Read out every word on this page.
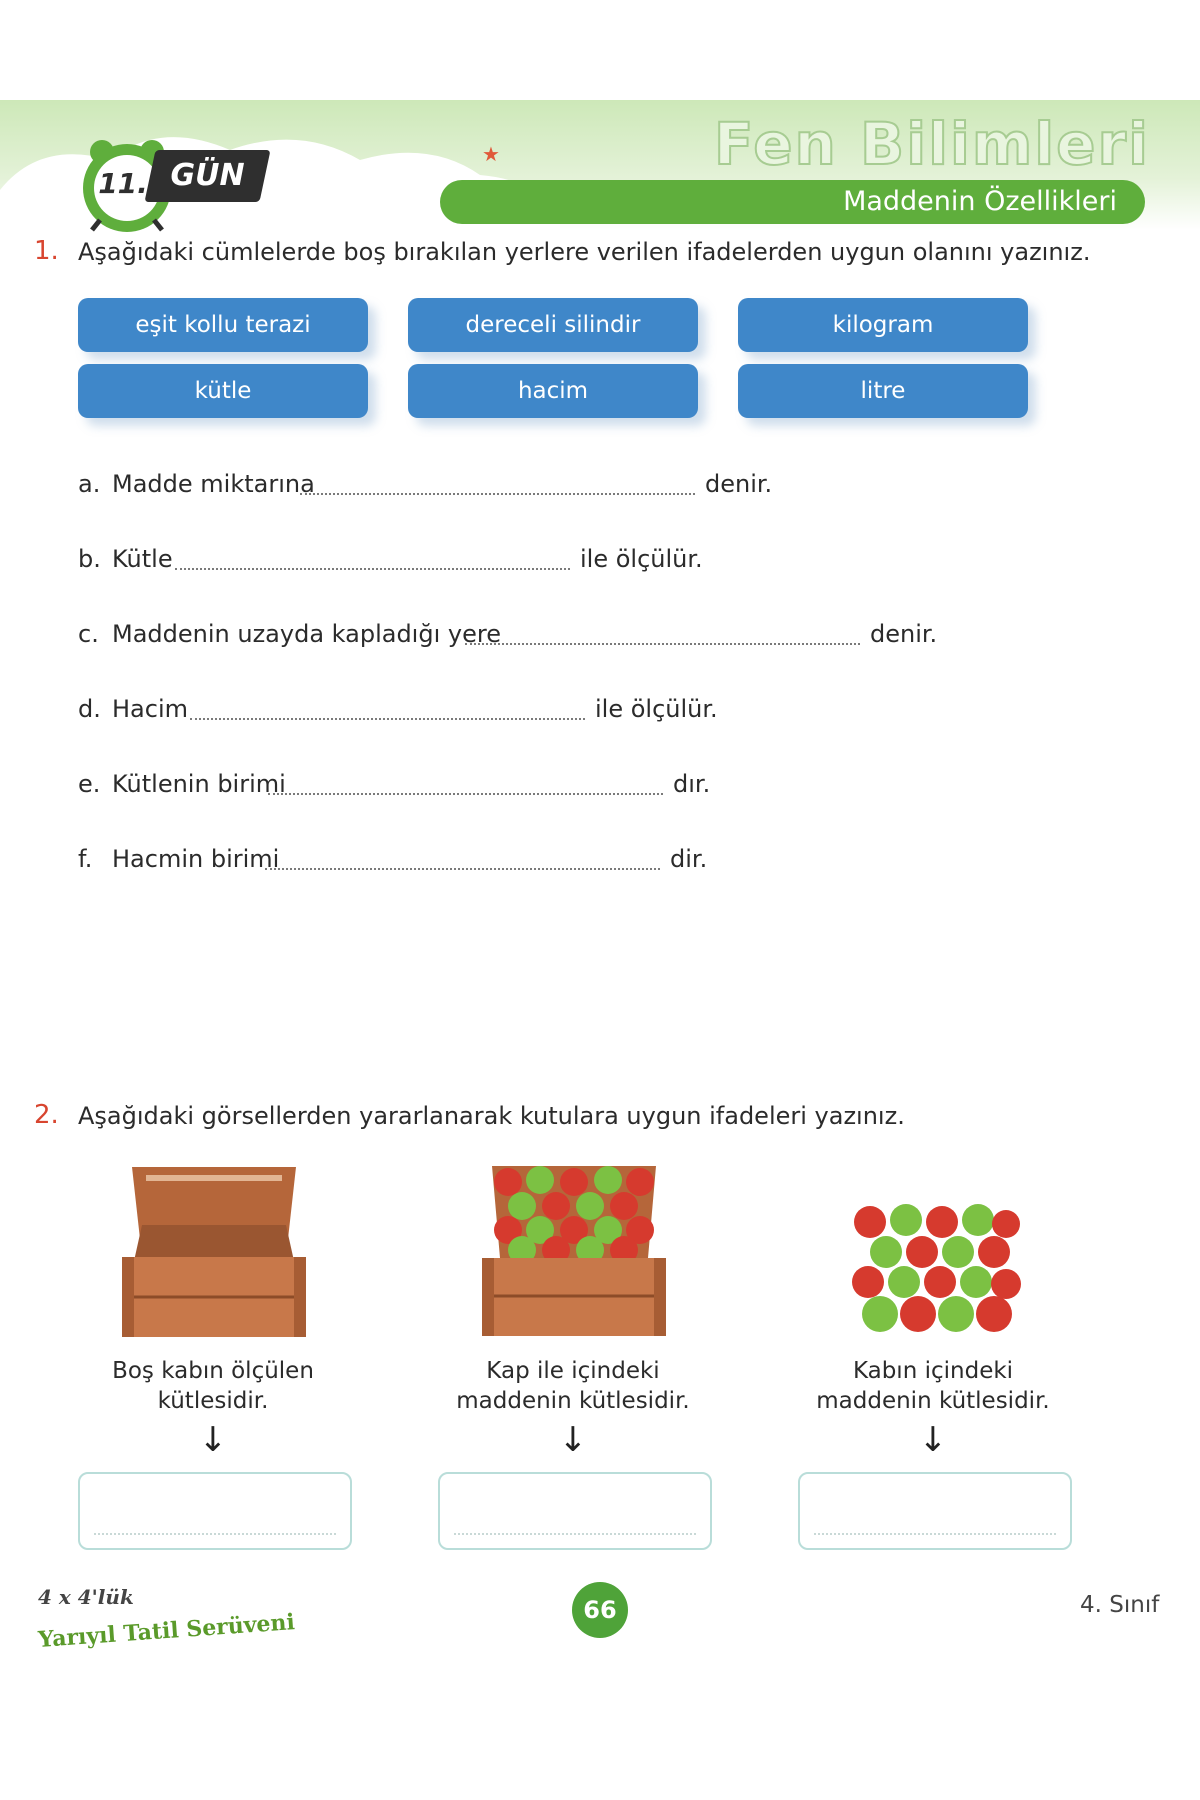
Fen Bilimleri
Maddenin Özellikleri
11. GÜN
★
1. Aşağıdaki cümlelerde boş bırakılan yerlere verilen ifadelerden uygun olanını yazınız.
eşit kollu terazi	dereceli silindir	kilogram
kütle	hacim	litre
a. Madde miktarına	denir.
b. Kütle	ile ölçülür.
c. Maddenin uzayda kapladığı yere	denir.
d. Hacim	ile ölçülür.
e. Kütlenin birimi	dır.
f. Hacmin birimi	dir.
2. Aşağıdaki görsellerden yararlanarak kutulara uygun ifadeleri yazınız.
Boş kabın ölçülen
kütlesidir.
Kap ile içindeki
maddenin kütlesidir.
Kabın içindeki
maddenin kütlesidir.
↓	↓	↓
4 x 4'lük
Yarıyıl Tatil Serüveni	66	4. Sınıf
